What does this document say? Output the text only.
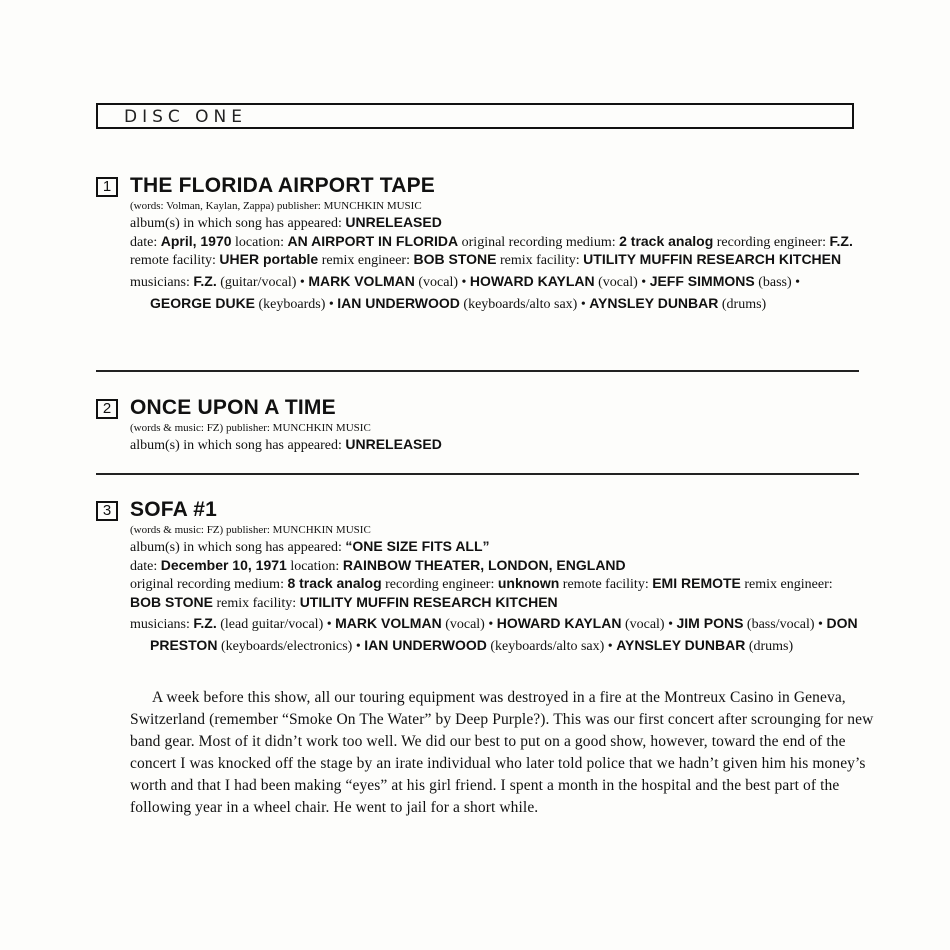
DISC ONE
1 THE FLORIDA AIRPORT TAPE
(words: Volman, Kaylan, Zappa) publisher: MUNCHKIN MUSIC
album(s) in which song has appeared: UNRELEASED
date: April, 1970 location: AN AIRPORT IN FLORIDA original recording medium: 2 track analog recording engineer: F.Z. remote facility: UHER portable remix engineer: BOB STONE remix facility: UTILITY MUFFIN RESEARCH KITCHEN
musicians: F.Z. (guitar/vocal) • MARK VOLMAN (vocal) • HOWARD KAYLAN (vocal) • JEFF SIMMONS (bass) • GEORGE DUKE (keyboards) • IAN UNDERWOOD (keyboards/alto sax) • AYNSLEY DUNBAR (drums)
2 ONCE UPON A TIME
(words & music: FZ) publisher: MUNCHKIN MUSIC
album(s) in which song has appeared: UNRELEASED
3 SOFA #1
(words & music: FZ) publisher: MUNCHKIN MUSIC
album(s) in which song has appeared: “ONE SIZE FITS ALL”
date: December 10, 1971 location: RAINBOW THEATER, LONDON, ENGLAND
original recording medium: 8 track analog recording engineer: unknown remote facility: EMI REMOTE remix engineer: BOB STONE remix facility: UTILITY MUFFIN RESEARCH KITCHEN
musicians: F.Z. (lead guitar/vocal) • MARK VOLMAN (vocal) • HOWARD KAYLAN (vocal) • JIM PONS (bass/vocal) • DON PRESTON (keyboards/electronics) • IAN UNDERWOOD (keyboards/alto sax) • AYNSLEY DUNBAR (drums)
A week before this show, all our touring equipment was destroyed in a fire at the Montreux Casino in Geneva, Switzerland (remember “Smoke On The Water” by Deep Purple?). This was our first concert after scrounging for new band gear. Most of it didn’t work too well. We did our best to put on a good show, however, toward the end of the concert I was knocked off the stage by an irate individual who later told police that we hadn’t given him his money’s worth and that I had been making “eyes” at his girl friend. I spent a month in the hospital and the best part of the following year in a wheel chair. He went to jail for a short while.
